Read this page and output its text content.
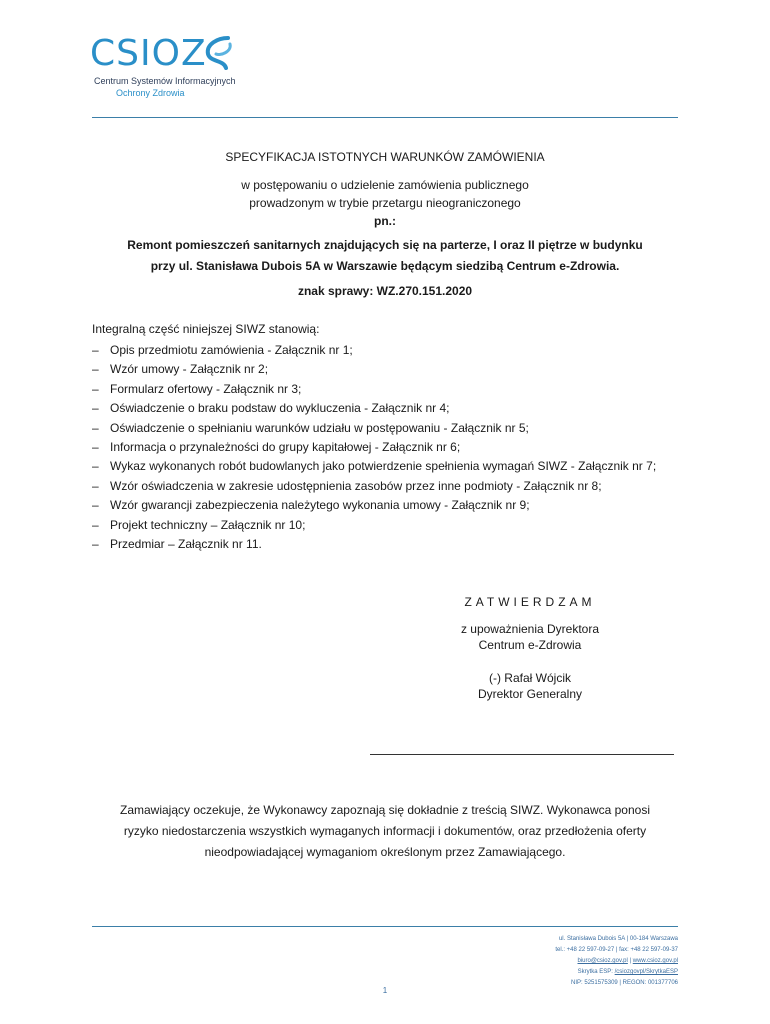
CSIOZ
Centrum Systemów Informacyjnych
Ochrony Zdrowia
SPECYFIKACJA ISTOTNYCH WARUNKÓW ZAMÓWIENIA
w postępowaniu o udzielenie zamówienia publicznego
prowadzonym w trybie przetargu nieograniczonego
pn.:
Remont pomieszczeń sanitarnych znajdujących się na parterze, I oraz II piętrze w budynku
przy ul. Stanisława Dubois 5A w Warszawie będącym siedzibą Centrum e-Zdrowia.
znak sprawy: WZ.270.151.2020
Integralną część niniejszej SIWZ stanowią:
– Opis przedmiotu zamówienia - Załącznik nr 1;
– Wzór umowy - Załącznik nr 2;
– Formularz ofertowy - Załącznik nr 3;
– Oświadczenie o braku podstaw do wykluczenia - Załącznik nr 4;
– Oświadczenie o spełnianiu warunków udziału w postępowaniu - Załącznik nr 5;
– Informacja o przynależności do grupy kapitałowej - Załącznik nr 6;
– Wykaz wykonanych robót budowlanych jako potwierdzenie spełnienia wymagań SIWZ - Załącznik nr 7;
– Wzór oświadczenia w zakresie udostępnienia zasobów przez inne podmioty - Załącznik nr 8;
– Wzór gwarancji zabezpieczenia należytego wykonania umowy - Załącznik nr 9;
– Projekt techniczny – Załącznik nr 10;
– Przedmiar – Załącznik nr 11.
ZATWIERDZAM
z upoważnienia Dyrektora
Centrum e-Zdrowia
(-) Rafał Wójcik
Dyrektor Generalny
Zamawiający oczekuje, że Wykonawcy zapoznają się dokładnie z treścią SIWZ. Wykonawca ponosi
ryzyko niedostarczenia wszystkich wymaganych informacji i dokumentów, oraz przedłożenia oferty
nieodpowiadającej wymaganiom określonym przez Zamawiającego.
ul. Stanisława Dubois 5A | 00-184 Warszawa
tel.: +48 22 597-09-27 | fax: +48 22 597-09-37
biuro@csioz.gov.pl | www.csioz.gov.pl
Skrytka ESP: /csiozgovpl/SkrytkaESP
NIP: 5251575309 | REGON: 001377706
1
